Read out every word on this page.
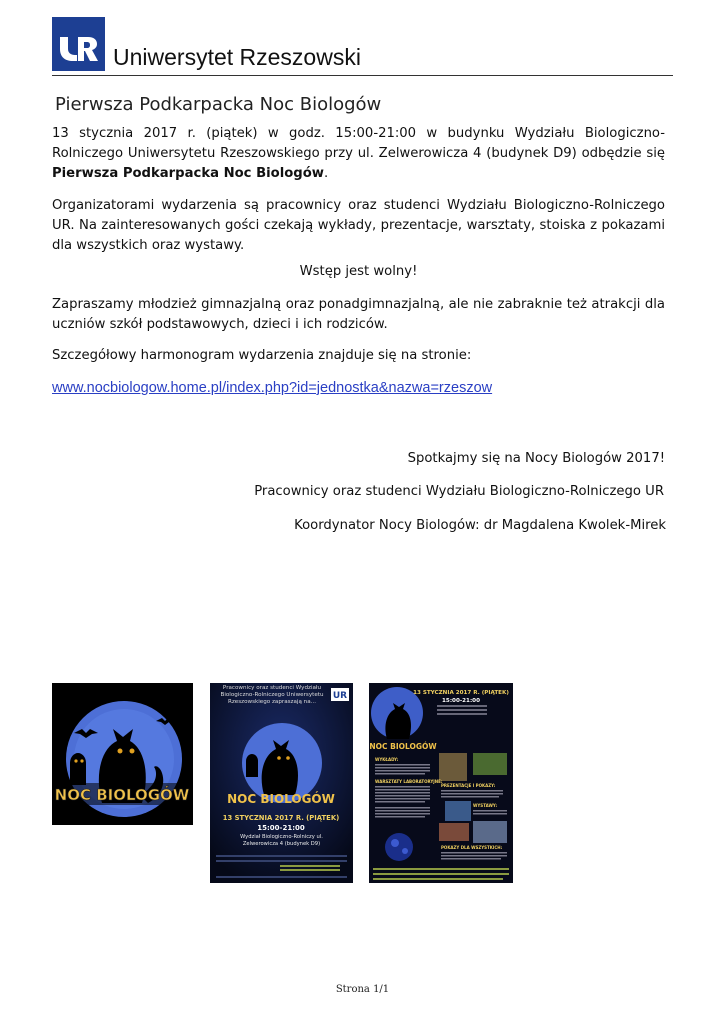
Uniwersytet Rzeszowski
Pierwsza Podkarpacka Noc Biologów
13 stycznia 2017 r. (piątek) w godz. 15:00-21:00 w budynku Wydziału Biologiczno-Rolniczego Uniwersytetu Rzeszowskiego przy ul. Zelwerowicza 4 (budynek D9) odbędzie się Pierwsza Podkarpacka Noc Biologów.
Organizatorami wydarzenia są pracownicy oraz studenci Wydziału Biologiczno-Rolniczego UR. Na zainteresowanych gości czekają wykłady, prezentacje, warsztaty, stoiska z pokazami dla wszystkich oraz wystawy.
Wstęp jest wolny!
Zapraszamy młodzież gimnazjalną oraz ponadgimnazjalną, ale nie zabraknie też atrakcji dla uczniów szkół podstawowych, dzieci i ich rodziców.
Szczegółowy harmonogram wydarzenia znajduje się na stronie:
www.nocbiologow.home.pl/index.php?id=jednostka&nazwa=rzeszow
Spotkajmy się na Nocy Biologów 2017!
Pracownicy oraz studenci Wydziału Biologiczno-Rolniczego UR
Koordynator Nocy Biologów: dr Magdalena Kwolek-Mirek
NOC BIOLOGÓW
UR
Pracownicy oraz studenci Wydziału Biologiczno-Rolniczego Uniwersytetu Rzeszowskiego zapraszają na...
NOC BIOLOGÓW
13 STYCZNIA 2017 R. (PIĄTEK)
15:00-21:00
Wydział Biologiczno-Rolniczy ul. Zelwerowicza 4 (budynek D9)
13 STYCZNIA 2017 R. (PIĄTEK)
15:00-21:00
NOC BIOLOGÓW
WYKŁADY:
WARSZTATY LABORATORYJNE:
PREZENTACJE I POKAZY:
WYSTAWY:
POKAZY DLA WSZYSTKICH:
Strona 1/1
